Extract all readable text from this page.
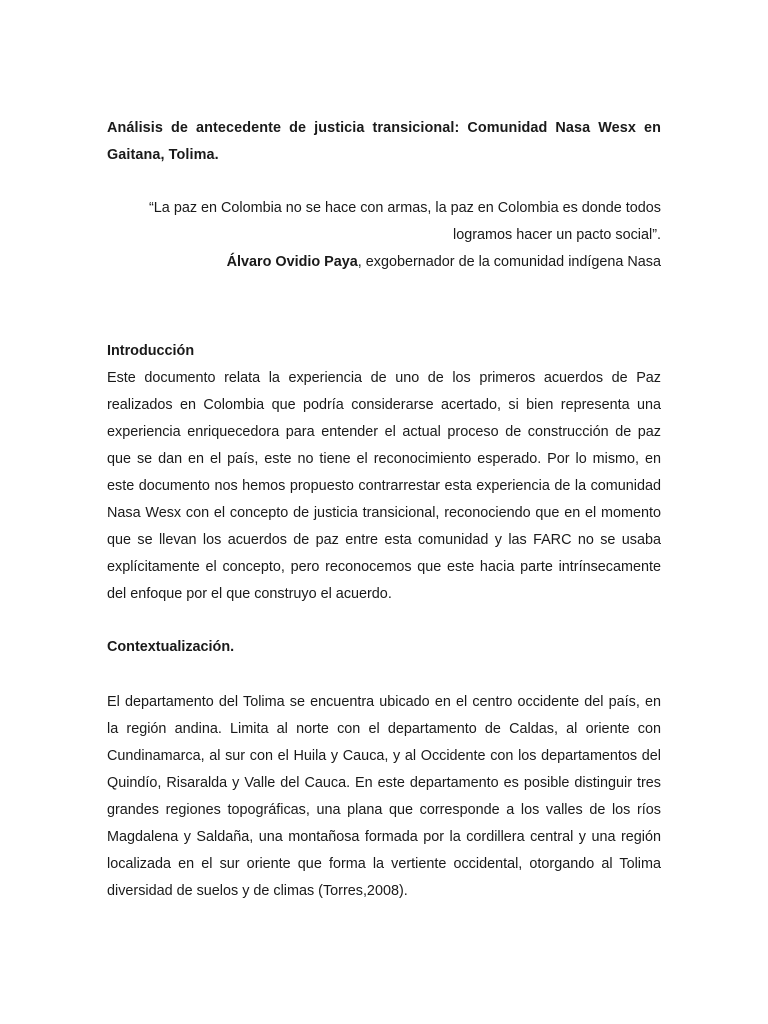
Análisis de antecedente de justicia transicional: Comunidad Nasa Wesx en Gaitana, Tolima.

“La paz en Colombia no se hace con armas, la paz en Colombia es donde todos logramos hacer un pacto social”.

Álvaro Ovidio Paya, exgobernador de la comunidad indígena Nasa

Introducción

Este documento relata la experiencia de uno de los primeros acuerdos de Paz realizados en Colombia que podría considerarse acertado, si bien representa una experiencia enriquecedora para entender el actual proceso de construcción de paz que se dan en el país, este no tiene el reconocimiento esperado. Por lo mismo, en este documento nos hemos propuesto contrarrestar esta experiencia de la comunidad Nasa Wesx con el concepto de justicia transicional, reconociendo que en el momento que se llevan los acuerdos de paz entre esta comunidad y las FARC no se usaba explícitamente el concepto, pero reconocemos que este hacia parte intrínsecamente del enfoque por el que construyo el acuerdo.

Contextualización.

El departamento del Tolima se encuentra ubicado en el centro occidente del país, en la región andina. Limita al norte con el departamento de Caldas, al oriente con Cundinamarca, al sur con el Huila y Cauca, y al Occidente con los departamentos del Quindío, Risaralda y Valle del Cauca. En este departamento es posible distinguir tres grandes regiones topográficas, una plana que corresponde a los valles de los ríos Magdalena y Saldaña, una montañosa formada por la cordillera central y una región localizada en el sur oriente que forma la vertiente occidental, otorgando al Tolima diversidad de suelos y de climas (Torres,2008).
